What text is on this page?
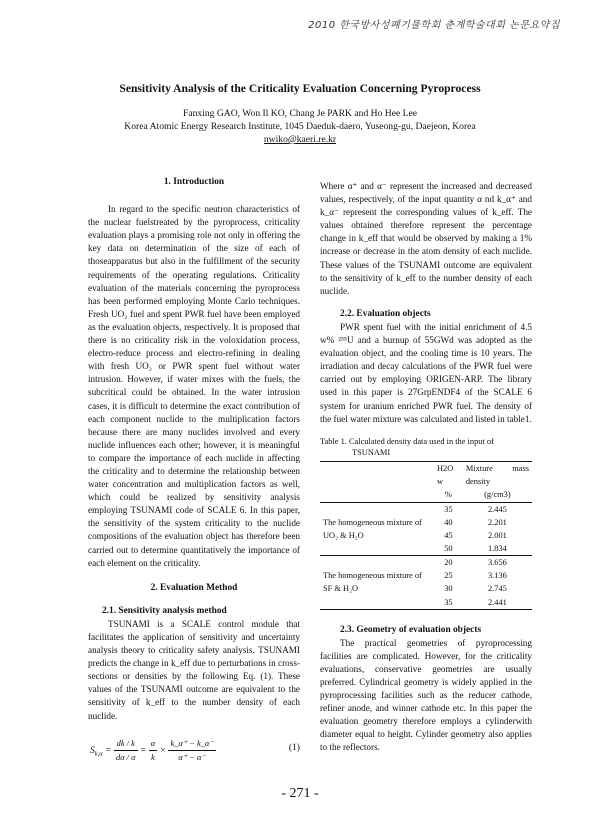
2010 한국방사성폐기물학회 춘계학술대회 논문요약집
Sensitivity Analysis of the Criticality Evaluation Concerning Pyroprocess
Fanxing GAO, Won Il KO, Chang Je PARK and Ho Hee Lee
Korea Atomic Energy Research Institute, 1045 Daeduk-daero, Yuseong-gu, Daejeon, Korea
nwiko@kaeri.re.kr
1. Introduction

In regard to the specific neutron characteristics of the nuclear fuelstreated by the pyroprocess, criticality evaluation plays a promising role not only in offering the key data on determination of the size of each of thoseapparatus but also in the fulfillment of the security requirements of the operating regulations. Criticality evaluation of the materials concerning the pyroprocess has been performed employing Monte Carlo techniques. Fresh UO₂ fuel and spent PWR fuel have been employed as the evaluation objects, respectively. It is proposed that there is no criticality risk in the voloxidation process, electro-reduce process and electro-refining in dealing with fresh UO₂ or PWR spent fuel without water intrusion. However, if water mixes with the fuels, the subcritical could be obtained. In the water intrusion cases, it is difficult to determine the exact contribution of each component nuclide to the multiplication factors because there are many nuclides involved and every nuclide influences each other; however, it is meaningful to compare the importance of each nuclide in affecting the criticality and to determine the relationship between water concentration and multiplication factors as well, which could be realized by sensitivity analysis employing TSUNAMI code of SCALE 6. In this paper, the sensitivity of the system criticality to the nuclide compositions of the evaluation object has therefore been carried out to determine quantitatively the importance of each element on the criticality.

2. Evaluation Method
2.1. Sensitivity analysis method

TSUNAMI is a SCALE control module that facilitates the application of sensitivity and uncertainty analysis theory to criticality safety analysis. TSUNAMI predicts the change in k_eff due to perturbations in cross-sections or densities by the following Eq. (1). These values of the TSUNAMI outcome are equivalent to the sensitivity of k_eff to the number density of each nuclide.

$S_{k,\alpha} = \frac{dk / k}{d\alpha / \alpha} = \frac{\alpha}{k} \times \frac{k\_\alpha^+ - k\_\alpha^-}{\alpha^+ - \alpha^-}$	(1)

Where α⁺ and α⁻ represent the increased and decreased values, respectively, of the input quantity α nd k_α⁺ and k_α⁻ represent the corresponding values of k_eff. The values obtained therefore represent the percentage change in k_eff that would be observed by making a 1% increase or decrease in the atom density of each nuclide. These values of the TSUNAMI outcome are equivalent to the sensitivity of k_eff to the number density of each nuclide.

2.2. Evaluation objects

PWR spent fuel with the initial enrichment of 4.5 w% ²³⁵U and a burnup of 55GWd was adopted as the evaluation object, and the cooling time is 10 years. The irradiation and decay calculations of the PWR fuel were carried out by employing ORIGEN-ARP. The library used in this paper is 27GrpENDF4 of the SCALE 6 system for uranium enriched PWR fuel. The density of the fuel water mixture was calculated and listed in table1.

Table 1. Calculated density data used in the input of
TSUNAMI
	H2O w	Mixture mass density
	%	(g/cm3)
	35	2.445
The homogeneous mixture of	40	2.201
UO₂ & H₂O	45	2.001
	50	1.834
	20	3.656
The homogeneous mixture of	25	3.136
SF & H₂O	30	2.745
	35	2.441
2.3. Geometry of evaluation objects

The practical geometries of pyroprocessing facilities are complicated. However, for the criticality evaluations, conservative geometries are usually preferred. Cylindrical geometry is widely applied in the pyroprocessing facilities such as the reducer cathode, refiner anode, and winner cathode etc. In this paper the evaluation geometry therefore employs a cylinderwith diameter equal to height. Cylinder geometry also applies to the reflectors.

- 271 -
